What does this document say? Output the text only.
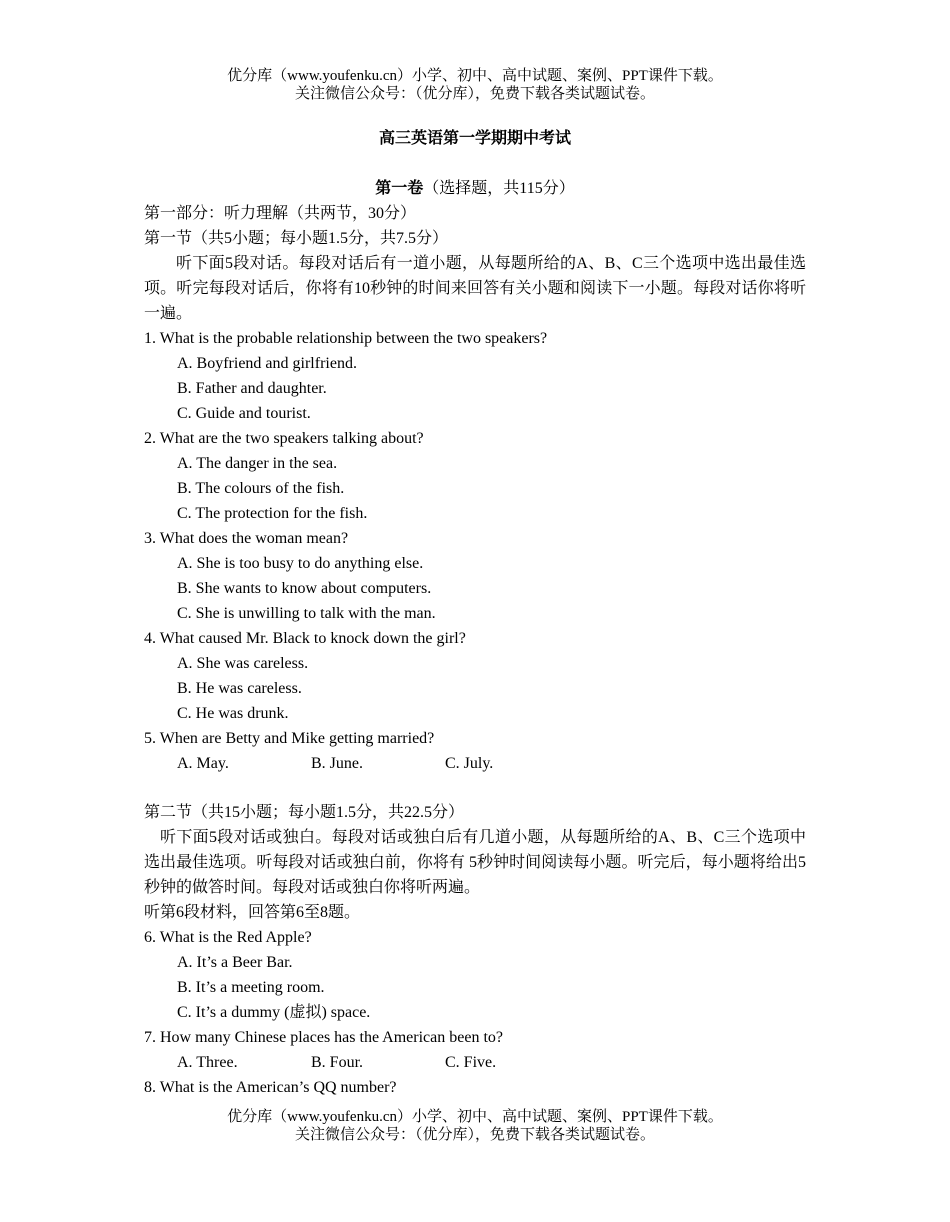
优分库（www.youfenku.cn）小学、初中、高中试题、案例、PPT课件下载。
关注微信公众号：（优分库），免费下载各类试题试卷。
高三英语第一学期期中考试
第一卷（选择题，共115分）
第一部分：听力理解（共两节，30分）
第一节（共5小题；每小题1.5分，共7.5分）
听下面5段对话。每段对话后有一道小题，从每题所给的A、B、C三个选项中选出最佳选项。听完每段对话后，你将有10秒钟的时间来回答有关小题和阅读下一小题。每段对话你将听一遍。
1. What is the probable relationship between the two speakers?
A. Boyfriend and girlfriend.
B. Father and daughter.
C. Guide and tourist.
2. What are the two speakers talking about?
A. The danger in the sea.
B. The colours of the fish.
C. The protection for the fish.
3. What does the woman mean?
A. She is too busy to do anything else.
B. She wants to know about computers.
C. She is unwilling to talk with the man.
4. What caused Mr. Black to knock down the girl?
A. She was careless.
B. He was careless.
C. He was drunk.
5. When are Betty and Mike getting married?
A. May.	B. June.	C. July.
第二节（共15小题；每小题1.5分，共22.5分）
听下面5段对话或独白。每段对话或独白后有几道小题，从每题所给的A、B、C三个选项中选出最佳选项。听每段对话或独白前，你将有 5秒钟时间阅读每小题。听完后，每小题将给出5秒钟的做答时间。每段对话或独白你将听两遍。
听第6段材料，回答第6至8题。
6. What is the Red Apple?
A. It’s a Beer Bar.
B. It’s a meeting room.
C. It’s a dummy (虚拟) space.
7. How many Chinese places has the American been to?
A. Three.	B. Four.	C. Five.
8. What is the American’s QQ number?
优分库（www.youfenku.cn）小学、初中、高中试题、案例、PPT课件下载。
关注微信公众号：（优分库），免费下载各类试题试卷。
